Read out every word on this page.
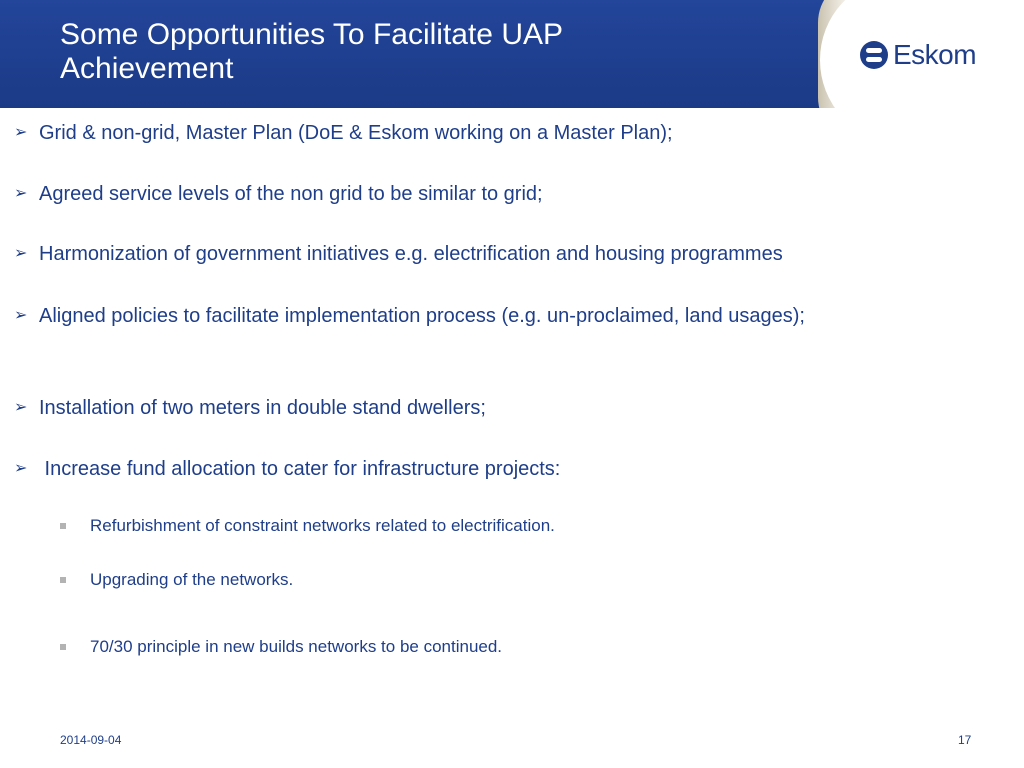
Some Opportunities To Facilitate UAP
Achievement	Eskom
➢ Grid & non-grid, Master Plan (DoE & Eskom working on a Master Plan);
➢ Agreed service levels of the non grid to be similar to grid;
➢ Harmonization of government initiatives e.g. electrification and housing programmes
➢ Aligned policies to facilitate implementation process (e.g. un-proclaimed, land usages);
➢ Installation of two meters in double stand dwellers;
➢ Increase fund allocation to cater for infrastructure projects:
Refurbishment of constraint networks related to electrification.
Upgrading of the networks.
70/30 principle in new builds networks to be continued.
2014-09-04	17
